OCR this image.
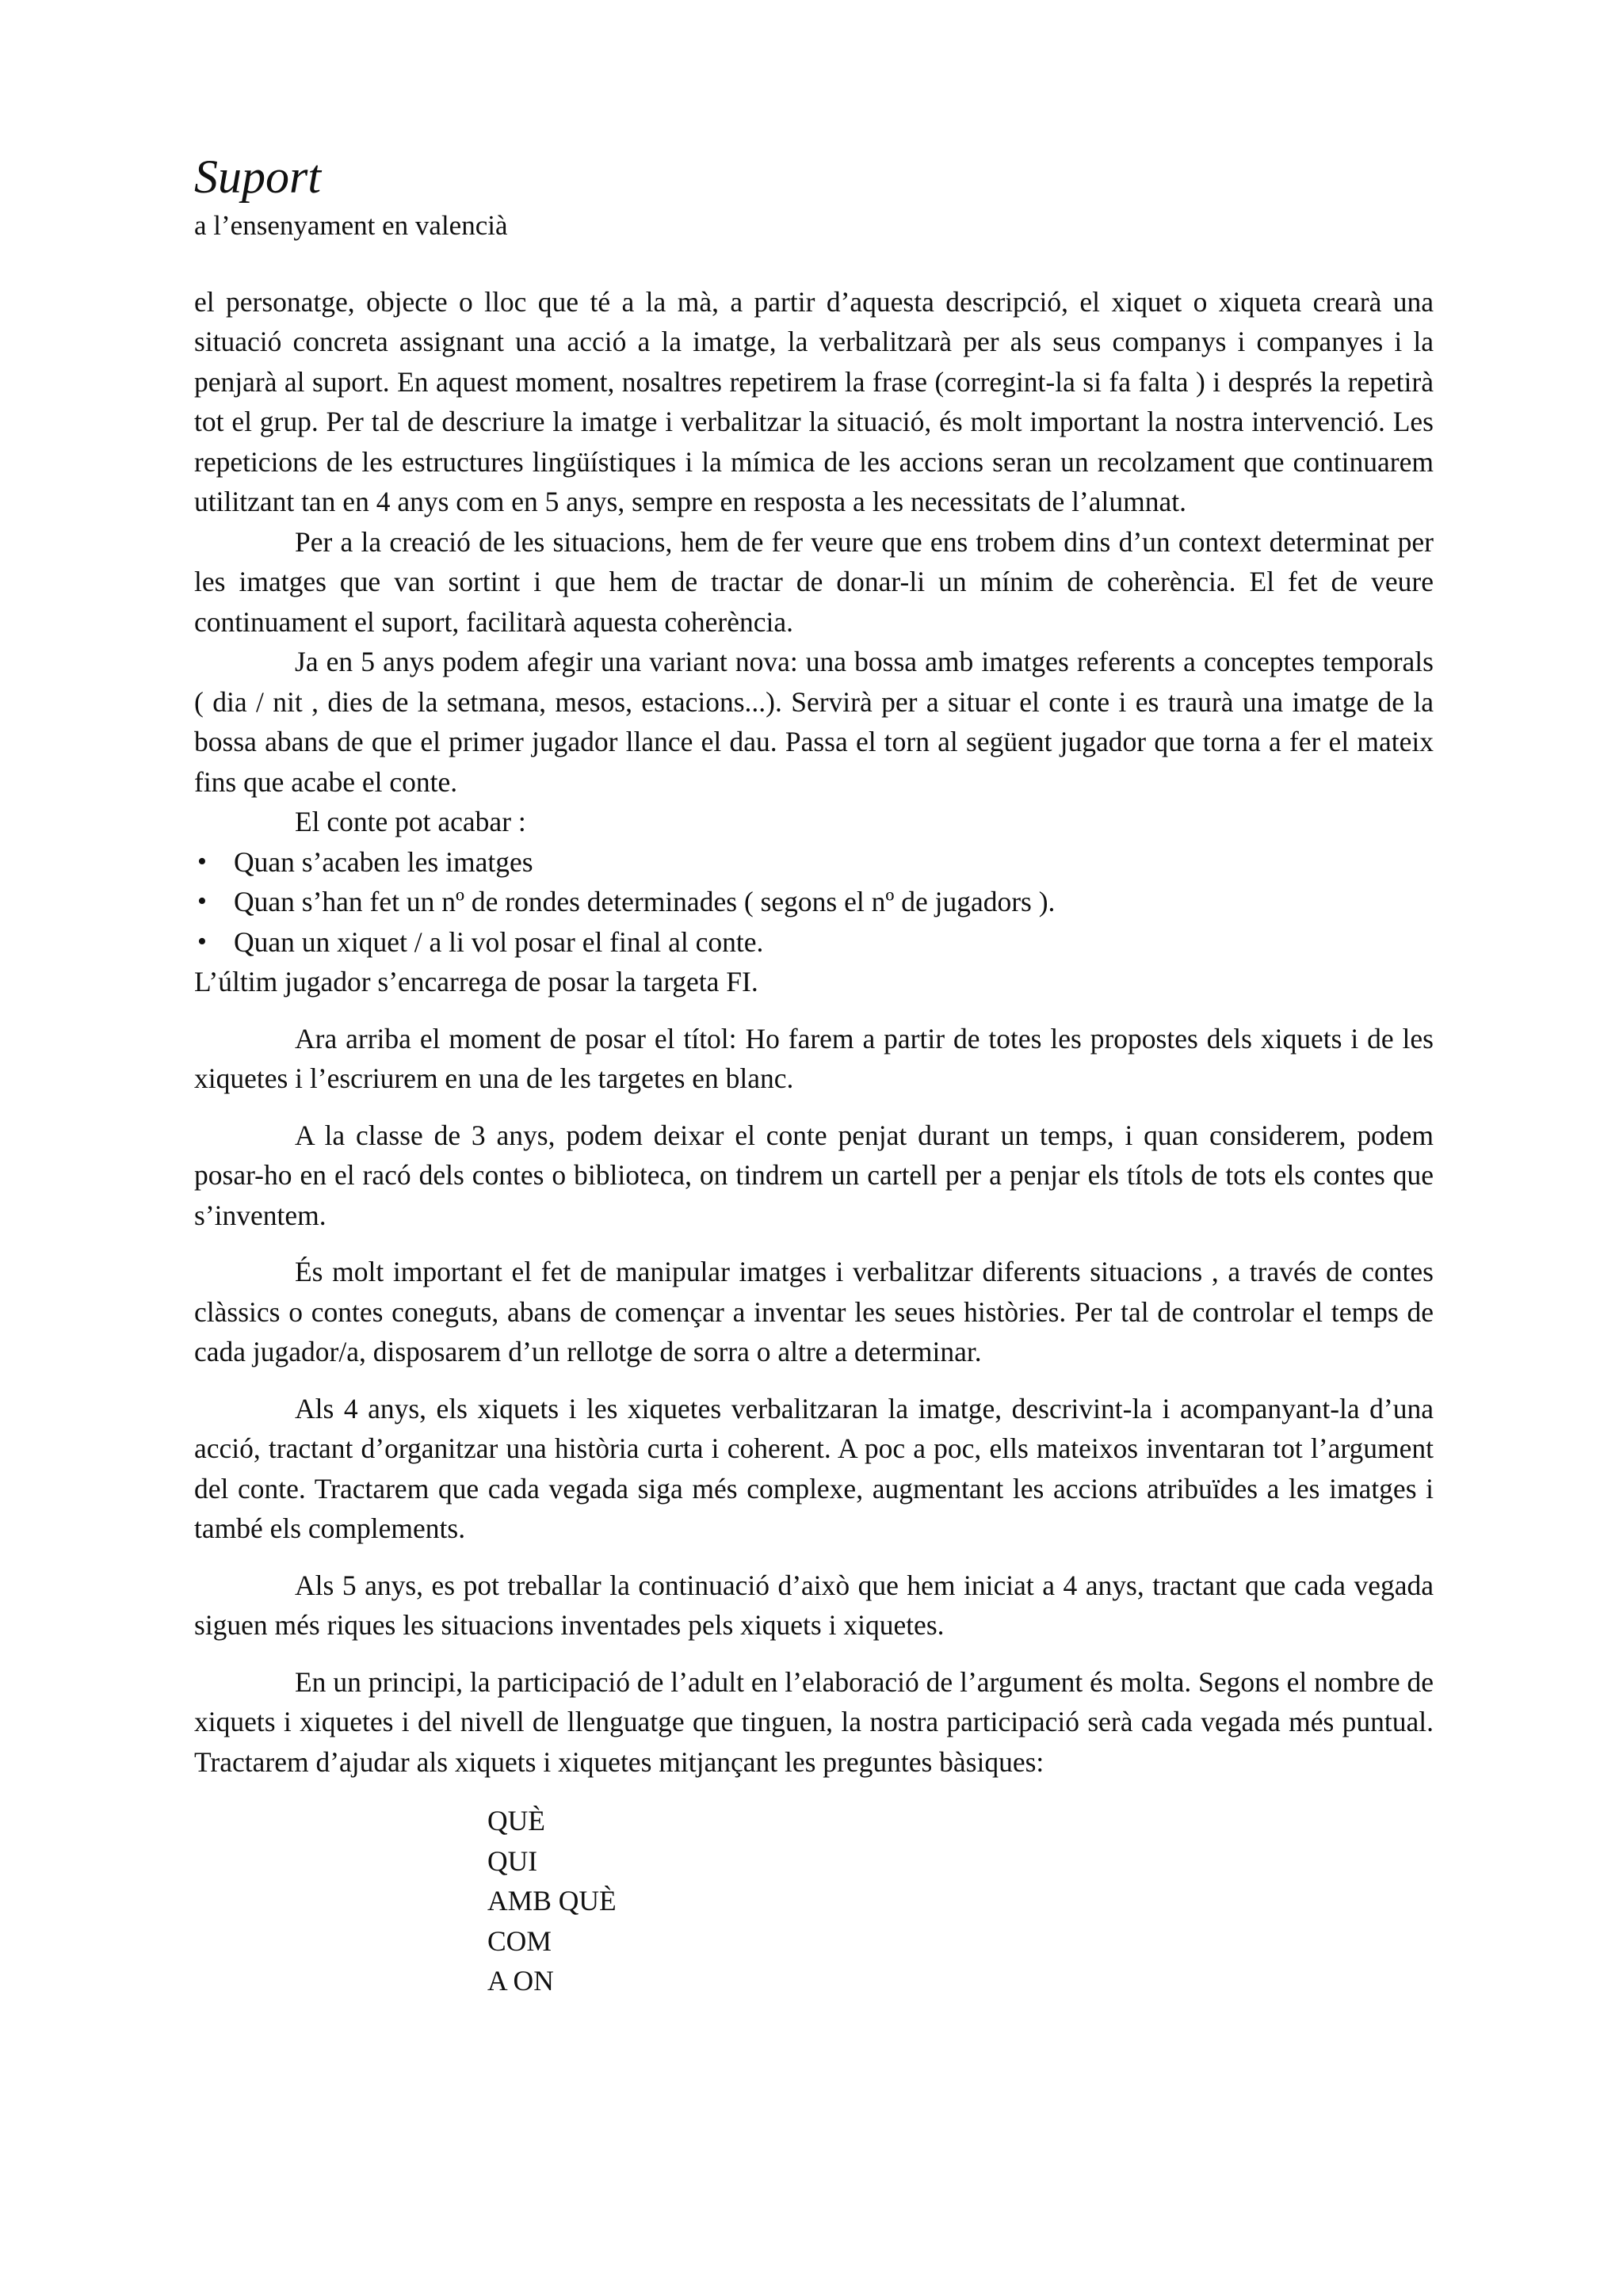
Suport

a l’ensenyament en valencià

el personatge, objecte o lloc que té a la mà, a partir d’aquesta descripció, el xiquet o xiqueta crearà una situació concreta assignant una acció a la imatge, la verbalitzarà per als seus companys i companyes i la penjarà al suport. En aquest moment, nosaltres repetirem la frase (corregint-la si fa falta ) i després la repetirà tot el grup. Per tal de descriure la imatge i verbalitzar la situació, és molt important la nostra intervenció. Les repeticions de les estructures lingüístiques i la mímica de les accions seran un recolzament que continuarem utilitzant tan en 4 anys com en 5 anys, sempre en resposta a les necessitats de l’alumnat.

Per a la creació de les situacions, hem de fer veure que ens trobem dins d’un context determinat per les imatges que van sortint i que hem de tractar de donar-li un mínim de coherència. El fet de veure continuament el suport, facilitarà aquesta coherència.

Ja en 5 anys podem afegir una variant nova: una bossa amb imatges referents a conceptes temporals ( dia / nit , dies de la setmana, mesos, estacions...). Servirà per a situar el conte i es traurà una imatge de la bossa abans de que el primer jugador llance el dau. Passa el torn al següent jugador que torna a fer el mateix fins que acabe el conte.

El conte pot acabar :

• Quan s’acaben les imatges
• Quan s’han fet un nº de rondes determinades ( segons el nº de jugadors ).
• Quan un xiquet / a li vol posar el final al conte.

L’últim jugador s’encarrega de posar la targeta FI.

Ara arriba el moment de posar el títol: Ho farem a partir de totes les propostes dels xiquets i de les xiquetes i l’escriurem en una de les targetes en blanc.

A la classe de 3 anys, podem deixar el conte penjat durant un temps, i quan considerem, podem posar-ho en el racó dels contes o biblioteca, on tindrem un cartell per a penjar els títols de tots els contes que s’inventem.

És molt important el fet de manipular imatges i verbalitzar diferents situacions , a través de contes clàssics o contes coneguts, abans de començar a inventar les seues històries. Per tal de controlar el temps de cada jugador/a, disposarem d’un rellotge de sorra o altre a determinar.

Als 4 anys, els xiquets i les xiquetes verbalitzaran la imatge, descrivint-la i acompanyant-la d’una acció, tractant d’organitzar una història curta i coherent. A poc a poc, ells mateixos inventaran tot l’argument del conte. Tractarem que cada vegada siga més complexe, augmentant les accions atribuïdes a les imatges i també els complements.

Als 5 anys, es pot treballar la continuació d’això que hem iniciat a 4 anys, tractant que cada vegada siguen més riques les situacions inventades pels xiquets i xiquetes.

En un principi, la participació de l’adult en l’elaboració de l’argument és molta. Segons el nombre de xiquets i xiquetes i del nivell de llenguatge que tinguen, la nostra participació serà cada vegada més puntual. Tractarem d’ajudar als xiquets i xiquetes mitjançant les preguntes bàsiques:

QUÈ
QUI
AMB QUÈ
COM
A ON
